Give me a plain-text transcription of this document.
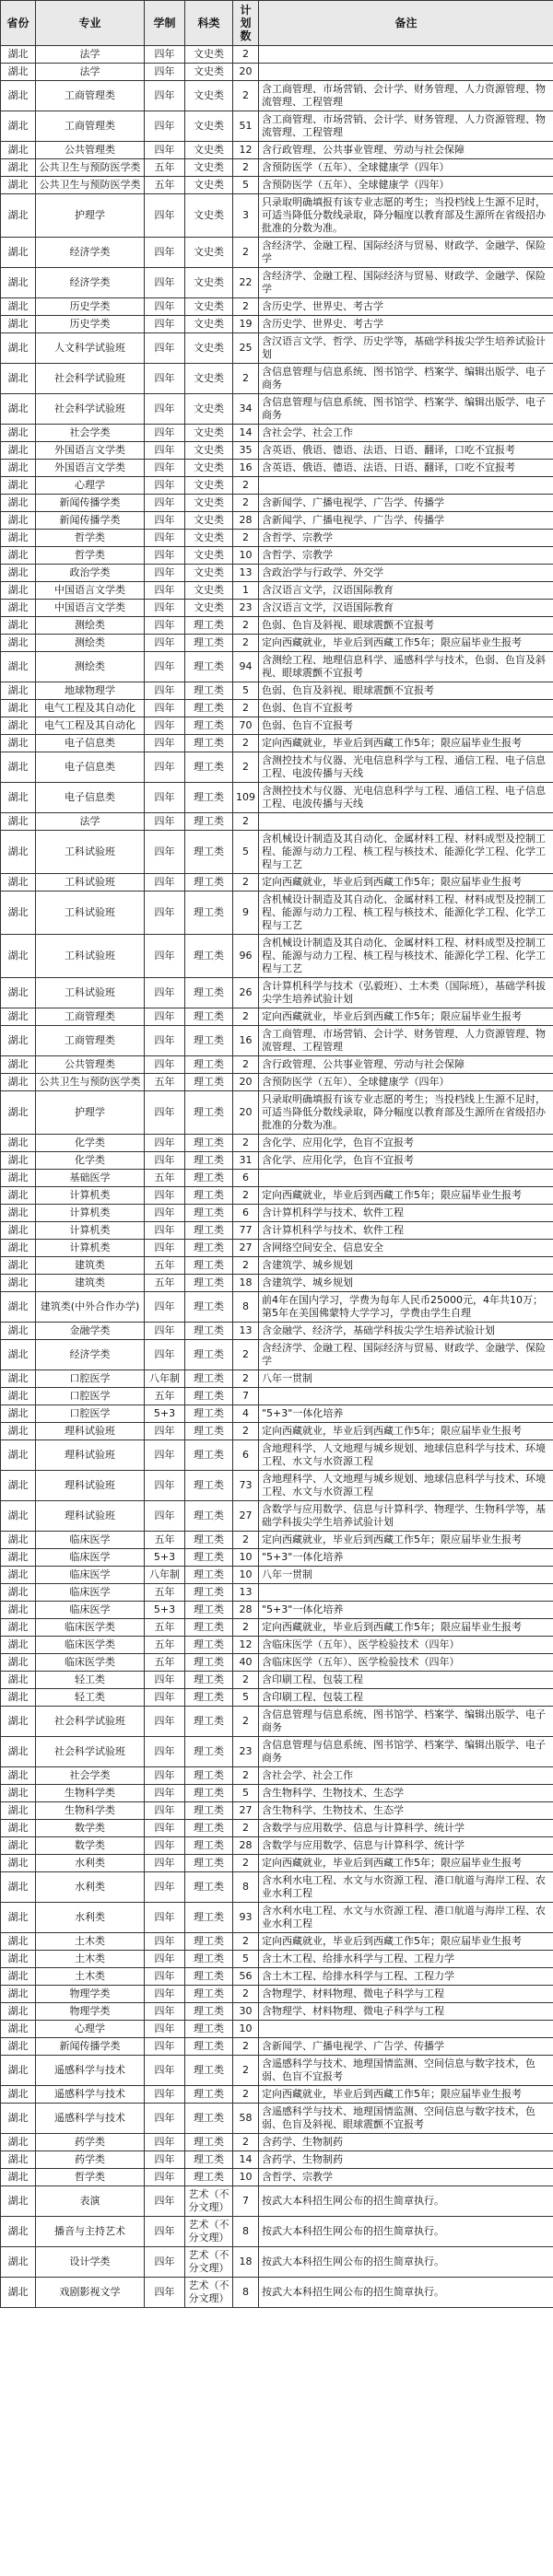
省份	专业	学制	科类	计划数	备注
湖北	法学	四年	文史类	2	
湖北	法学	四年	文史类	20	
湖北	工商管理类	四年	文史类	2	含工商管理、市场营销、会计学、财务管理、人力资源管理、物流管理、工程管理
湖北	工商管理类	四年	文史类	51	含工商管理、市场营销、会计学、财务管理、人力资源管理、物流管理、工程管理
湖北	公共管理类	四年	文史类	12	含行政管理、公共事业管理、劳动与社会保障
湖北	公共卫生与预防医学类	五年	文史类	2	含预防医学（五年）、全球健康学（四年）
湖北	公共卫生与预防医学类	五年	文史类	5	含预防医学（五年）、全球健康学（四年）
湖北	护理学	四年	文史类	3	只录取明确填报有该专业志愿的考生；当投档线上生源不足时，可适当降低分数线录取，降分幅度以教育部及生源所在省级招办批准的分数为准。
湖北	经济学类	四年	文史类	2	含经济学、金融工程、国际经济与贸易、财政学、金融学、保险学
湖北	经济学类	四年	文史类	22	含经济学、金融工程、国际经济与贸易、财政学、金融学、保险学
湖北	历史学类	四年	文史类	2	含历史学、世界史、考古学
湖北	历史学类	四年	文史类	19	含历史学、世界史、考古学
湖北	人文科学试验班	四年	文史类	25	含汉语言文学、哲学、历史学等，基础学科拔尖学生培养试验计划
湖北	社会科学试验班	四年	文史类	2	含信息管理与信息系统、图书馆学、档案学、编辑出版学、电子商务
湖北	社会科学试验班	四年	文史类	34	含信息管理与信息系统、图书馆学、档案学、编辑出版学、电子商务
湖北	社会学类	四年	文史类	14	含社会学、社会工作
湖北	外国语言文学类	四年	文史类	35	含英语、俄语、德语、法语、日语、翻译，口吃不宜报考
湖北	外国语言文学类	四年	文史类	16	含英语、俄语、德语、法语、日语、翻译，口吃不宜报考
湖北	心理学	四年	文史类	2	
湖北	新闻传播学类	四年	文史类	2	含新闻学、广播电视学、广告学、传播学
湖北	新闻传播学类	四年	文史类	28	含新闻学、广播电视学、广告学、传播学
湖北	哲学类	四年	文史类	2	含哲学、宗教学
湖北	哲学类	四年	文史类	10	含哲学、宗教学
湖北	政治学类	四年	文史类	13	含政治学与行政学、外交学
湖北	中国语言文学类	四年	文史类	1	含汉语言文学，汉语国际教育
湖北	中国语言文学类	四年	文史类	23	含汉语言文学，汉语国际教育
湖北	测绘类	四年	理工类	2	色弱、色盲及斜视、眼球震颤不宜报考
湖北	测绘类	四年	理工类	2	定向西藏就业，毕业后到西藏工作5年；限应届毕业生报考
湖北	测绘类	四年	理工类	94	含测绘工程、地理信息科学、遥感科学与技术，色弱、色盲及斜视、眼球震颤不宜报考
湖北	地球物理学	四年	理工类	5	色弱、色盲及斜视、眼球震颤不宜报考
湖北	电气工程及其自动化	四年	理工类	2	色弱、色盲不宜报考
湖北	电气工程及其自动化	四年	理工类	70	色弱、色盲不宜报考
湖北	电子信息类	四年	理工类	2	定向西藏就业，毕业后到西藏工作5年；限应届毕业生报考
湖北	电子信息类	四年	理工类	2	含测控技术与仪器、光电信息科学与工程、通信工程、电子信息工程、电波传播与天线
湖北	电子信息类	四年	理工类	109	含测控技术与仪器、光电信息科学与工程、通信工程、电子信息工程、电波传播与天线
湖北	法学	四年	理工类	2	
湖北	工科试验班	四年	理工类	5	含机械设计制造及其自动化、金属材料工程、材料成型及控制工程、能源与动力工程、核工程与核技术、能源化学工程、化学工程与工艺
湖北	工科试验班	四年	理工类	2	定向西藏就业，毕业后到西藏工作5年；限应届毕业生报考
湖北	工科试验班	四年	理工类	9	含机械设计制造及其自动化、金属材料工程、材料成型及控制工程、能源与动力工程、核工程与核技术、能源化学工程、化学工程与工艺
湖北	工科试验班	四年	理工类	96	含机械设计制造及其自动化、金属材料工程、材料成型及控制工程、能源与动力工程、核工程与核技术、能源化学工程、化学工程与工艺
湖北	工科试验班	四年	理工类	26	含计算机科学与技术（弘毅班）、土木类（国际班），基础学科拔尖学生培养试验计划
湖北	工商管理类	四年	理工类	2	定向西藏就业，毕业后到西藏工作5年；限应届毕业生报考
湖北	工商管理类	四年	理工类	16	含工商管理、市场营销、会计学、财务管理、人力资源管理、物流管理、工程管理
湖北	公共管理类	四年	理工类	2	含行政管理、公共事业管理、劳动与社会保障
湖北	公共卫生与预防医学类	五年	理工类	20	含预防医学（五年）、全球健康学（四年）
湖北	护理学	四年	理工类	20	只录取明确填报有该专业志愿的考生；当投档线上生源不足时，可适当降低分数线录取，降分幅度以教育部及生源所在省级招办批准的分数为准。
湖北	化学类	四年	理工类	2	含化学、应用化学，色盲不宜报考
湖北	化学类	四年	理工类	31	含化学、应用化学，色盲不宜报考
湖北	基础医学	五年	理工类	6	
湖北	计算机类	四年	理工类	2	定向西藏就业，毕业后到西藏工作5年；限应届毕业生报考
湖北	计算机类	四年	理工类	6	含计算机科学与技术、软件工程
湖北	计算机类	四年	理工类	77	含计算机科学与技术、软件工程
湖北	计算机类	四年	理工类	27	含网络空间安全、信息安全
湖北	建筑类	五年	理工类	2	含建筑学、城乡规划
湖北	建筑类	五年	理工类	18	含建筑学、城乡规划
湖北	建筑类(中外合作办学)	四年	理工类	8	前4年在国内学习，学费为每年人民币25000元，4年共10万；第5年在美国佛蒙特大学学习，学费由学生自理
湖北	金融学类	四年	理工类	13	含金融学、经济学，基础学科拔尖学生培养试验计划
湖北	经济学类	四年	理工类	2	含经济学、金融工程、国际经济与贸易、财政学、金融学、保险学
湖北	口腔医学	八年制	理工类	2	八年一贯制
湖北	口腔医学	五年	理工类	7	
湖北	口腔医学	5+3	理工类	4	"5+3"一体化培养
湖北	理科试验班	四年	理工类	2	定向西藏就业，毕业后到西藏工作5年；限应届毕业生报考
湖北	理科试验班	四年	理工类	6	含地理科学、人文地理与城乡规划、地球信息科学与技术、环境工程、水文与水资源工程
湖北	理科试验班	四年	理工类	73	含地理科学、人文地理与城乡规划、地球信息科学与技术、环境工程、水文与水资源工程
湖北	理科试验班	四年	理工类	27	含数学与应用数学、信息与计算科学、物理学、生物科学等，基础学科拔尖学生培养试验计划
湖北	临床医学	五年	理工类	2	定向西藏就业，毕业后到西藏工作5年；限应届毕业生报考
湖北	临床医学	5+3	理工类	10	"5+3"一体化培养
湖北	临床医学	八年制	理工类	10	八年一贯制
湖北	临床医学	五年	理工类	13	
湖北	临床医学	5+3	理工类	28	"5+3"一体化培养
湖北	临床医学类	五年	理工类	2	定向西藏就业，毕业后到西藏工作5年；限应届毕业生报考
湖北	临床医学类	五年	理工类	12	含临床医学（五年）、医学检验技术（四年）
湖北	临床医学类	五年	理工类	40	含临床医学（五年）、医学检验技术（四年）
湖北	轻工类	四年	理工类	2	含印刷工程、包装工程
湖北	轻工类	四年	理工类	5	含印刷工程、包装工程
湖北	社会科学试验班	四年	理工类	2	含信息管理与信息系统、图书馆学、档案学、编辑出版学、电子商务
湖北	社会科学试验班	四年	理工类	23	含信息管理与信息系统、图书馆学、档案学、编辑出版学、电子商务
湖北	社会学类	四年	理工类	2	含社会学、社会工作
湖北	生物科学类	四年	理工类	5	含生物科学、生物技术、生态学
湖北	生物科学类	四年	理工类	27	含生物科学、生物技术、生态学
湖北	数学类	四年	理工类	2	含数学与应用数学、信息与计算科学、统计学
湖北	数学类	四年	理工类	28	含数学与应用数学、信息与计算科学、统计学
湖北	水利类	四年	理工类	2	定向西藏就业，毕业后到西藏工作5年；限应届毕业生报考
湖北	水利类	四年	理工类	8	含水利水电工程、水文与水资源工程、港口航道与海岸工程、农业水利工程
湖北	水利类	四年	理工类	93	含水利水电工程、水文与水资源工程、港口航道与海岸工程、农业水利工程
湖北	土木类	四年	理工类	2	定向西藏就业，毕业后到西藏工作5年；限应届毕业生报考
湖北	土木类	四年	理工类	5	含土木工程、给排水科学与工程、工程力学
湖北	土木类	四年	理工类	56	含土木工程、给排水科学与工程、工程力学
湖北	物理学类	四年	理工类	2	含物理学、材料物理、微电子科学与工程
湖北	物理学类	四年	理工类	30	含物理学、材料物理、微电子科学与工程
湖北	心理学	四年	理工类	10	
湖北	新闻传播学类	四年	理工类	2	含新闻学、广播电视学、广告学、传播学
湖北	遥感科学与技术	四年	理工类	2	含遥感科学与技术、地理国情监测、空间信息与数字技术，色弱、色盲不宜报考
湖北	遥感科学与技术	四年	理工类	2	定向西藏就业，毕业后到西藏工作5年；限应届毕业生报考
湖北	遥感科学与技术	四年	理工类	58	含遥感科学与技术、地理国情监测、空间信息与数字技术，色弱、色盲及斜视、眼球震颤不宜报考
湖北	药学类	四年	理工类	2	含药学、生物制药
湖北	药学类	四年	理工类	14	含药学、生物制药
湖北	哲学类	四年	理工类	10	含哲学、宗教学
湖北	表演	四年	艺术（不分文理）	7	按武大本科招生网公布的招生简章执行。
湖北	播音与主持艺术	四年	艺术（不分文理）	8	按武大本科招生网公布的招生简章执行。
湖北	设计学类	四年	艺术（不分文理）	18	按武大本科招生网公布的招生简章执行。
湖北	戏剧影视文学	四年	艺术（不分文理）	8	按武大本科招生网公布的招生简章执行。
